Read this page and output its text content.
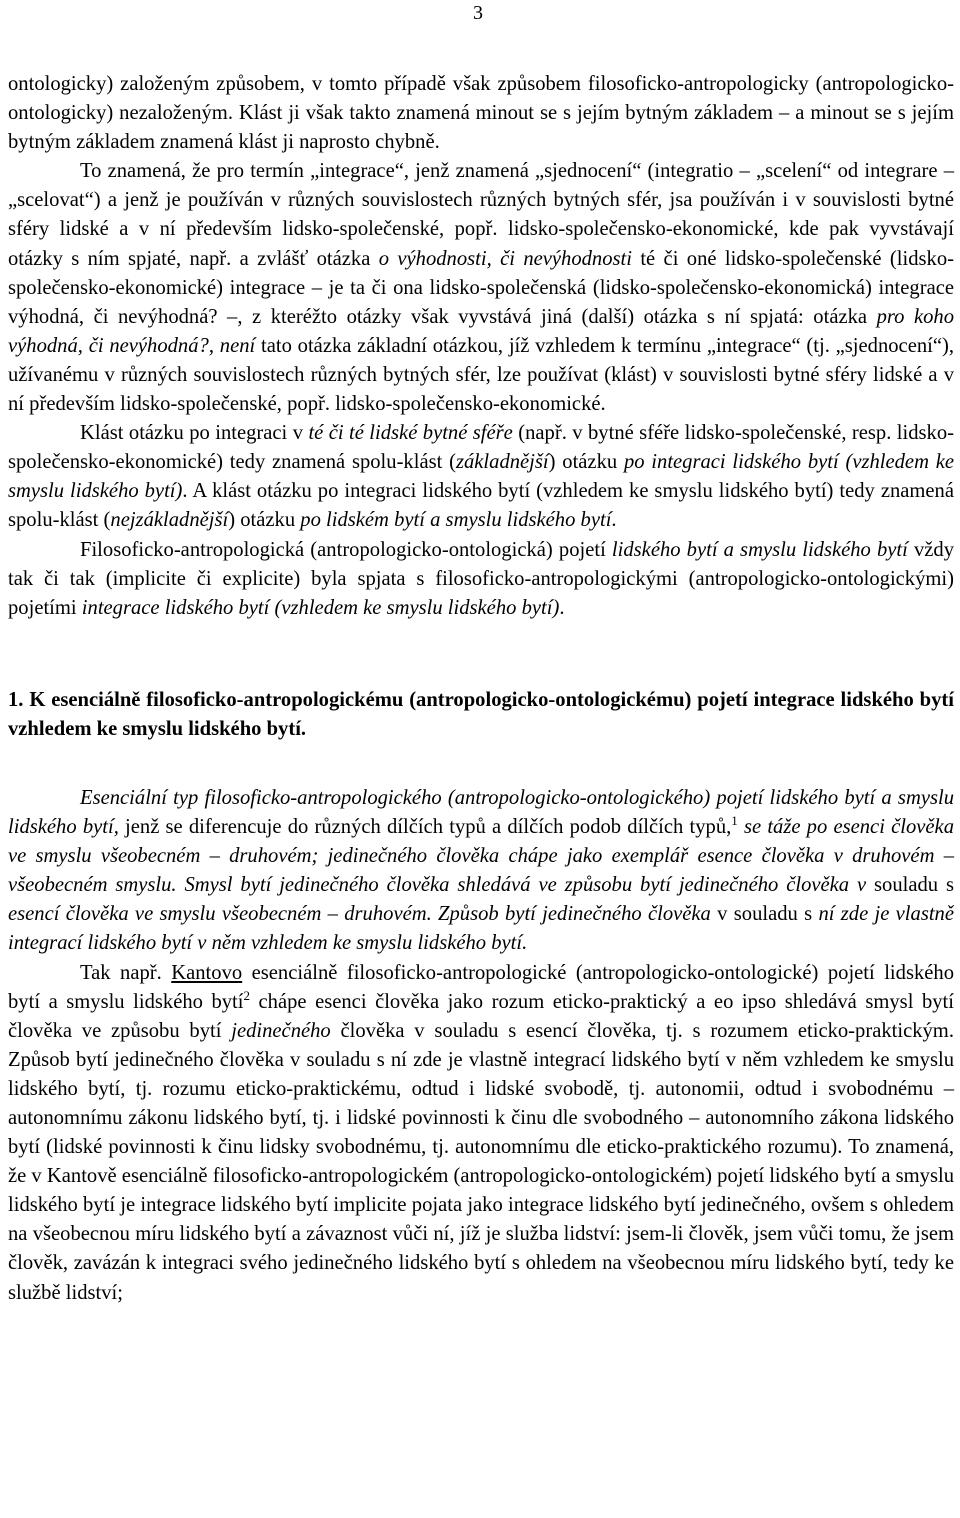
3

ontologicky) založeným způsobem, v tomto případě však způsobem filosoficko-antropologicky (antropologicko-ontologicky) nezaloženým. Klást ji však takto znamená minout se s jejím bytným základem – a minout se s jejím bytným základem znamená klást ji naprosto chybně.

To znamená, že pro termín „integrace“, jenž znamená „sjednocení“ (integratio – „scelení“ od integrare – „scelovat“) a jenž je používán v různých souvislostech různých bytných sfér, jsa používán i v souvislosti bytné sféry lidské a v ní především lidsko-společenské, popř. lidsko-společensko-ekonomické, kde pak vyvstávají otázky s ním spjaté, např. a zvlášť otázka o výhodnosti, či nevýhodnosti té či oné lidsko-společenské (lidsko-společensko-ekonomické) integrace – je ta či ona lidsko-společenská (lidsko-společensko-ekonomická) integrace výhodná, či nevýhodná? –, z kteréžto otázky však vyvstává jiná (další) otázka s ní spjatá: otázka pro koho výhodná, či nevýhodná?, není tato otázka základní otázkou, jíž vzhledem k termínu „integrace“ (tj. „sjednocení“), užívanému v různých souvislostech různých bytných sfér, lze používat (klást) v souvislosti bytné sféry lidské a v ní především lidsko-společenské, popř. lidsko-společensko-ekonomické.

Klást otázku po integraci v té či té lidské bytné sféře (např. v bytné sféře lidsko-společenské, resp. lidsko-společensko-ekonomické) tedy znamená spolu-klást (základnější) otázku po integraci lidského bytí (vzhledem ke smyslu lidského bytí). A klást otázku po integraci lidského bytí (vzhledem ke smyslu lidského bytí) tedy znamená spolu-klást (nejzákladnější) otázku po lidském bytí a smyslu lidského bytí.

Filosoficko-antropologická (antropologicko-ontologická) pojetí lidského bytí a smyslu lidského bytí vždy tak či tak (implicite či explicite) byla spjata s filosoficko-antropologickými (antropologicko-ontologickými) pojetími integrace lidského bytí (vzhledem ke smyslu lidského bytí).

1. K esenciálně filosoficko-antropologickému (antropologicko-ontologickému) pojetí integrace lidského bytí vzhledem ke smyslu lidského bytí.

Esenciální typ filosoficko-antropologického (antropologicko-ontologického) pojetí lidského bytí a smyslu lidského bytí, jenž se diferencuje do různých dílčích typů a dílčích podob dílčích typů,$^1$ se táže po esenci člověka ve smyslu všeobecném – druhovém; jedinečného člověka chápe jako exemplář esence člověka v druhovém – všeobecném smyslu. Smysl bytí jedinečného člověka shledává ve způsobu bytí jedinečného člověka v souladu s esencí člověka ve smyslu všeobecném – druhovém. Způsob bytí jedinečného člověka v souladu s ní zde je vlastně integrací lidského bytí v něm vzhledem ke smyslu lidského bytí.

Tak např. Kantovo esenciálně filosoficko-antropologické (antropologicko-ontologické) pojetí lidského bytí a smyslu lidského bytí$^2$ chápe esenci člověka jako rozum eticko-praktický a eo ipso shledává smysl bytí člověka ve způsobu bytí jedinečného člověka v souladu s esencí člověka, tj. s rozumem eticko-praktickým. Způsob bytí jedinečného člověka v souladu s ní zde je vlastně integrací lidského bytí v něm vzhledem ke smyslu lidského bytí, tj. rozumu eticko-praktickému, odtud i lidské svobodě, tj. autonomii, odtud i svobodnému – autonomnímu zákonu lidského bytí, tj. i lidské povinnosti k činu dle svobodného – autonomního zákona lidského bytí (lidské povinnosti k činu lidsky svobodnému, tj. autonomnímu dle eticko-praktického rozumu). To znamená, že v Kantově esenciálně filosoficko-antropologickém (antropologicko-ontologickém) pojetí lidského bytí a smyslu lidského bytí je integrace lidského bytí implicite pojata jako integrace lidského bytí jedinečného, ovšem s ohledem na všeobecnou míru lidského bytí a závaznost vůči ní, jíž je služba lidství: jsem-li člověk, jsem vůči tomu, že jsem člověk, zavázán k integraci svého jedinečného lidského bytí s ohledem na všeobecnou míru lidského bytí, tedy ke službě lidství;
